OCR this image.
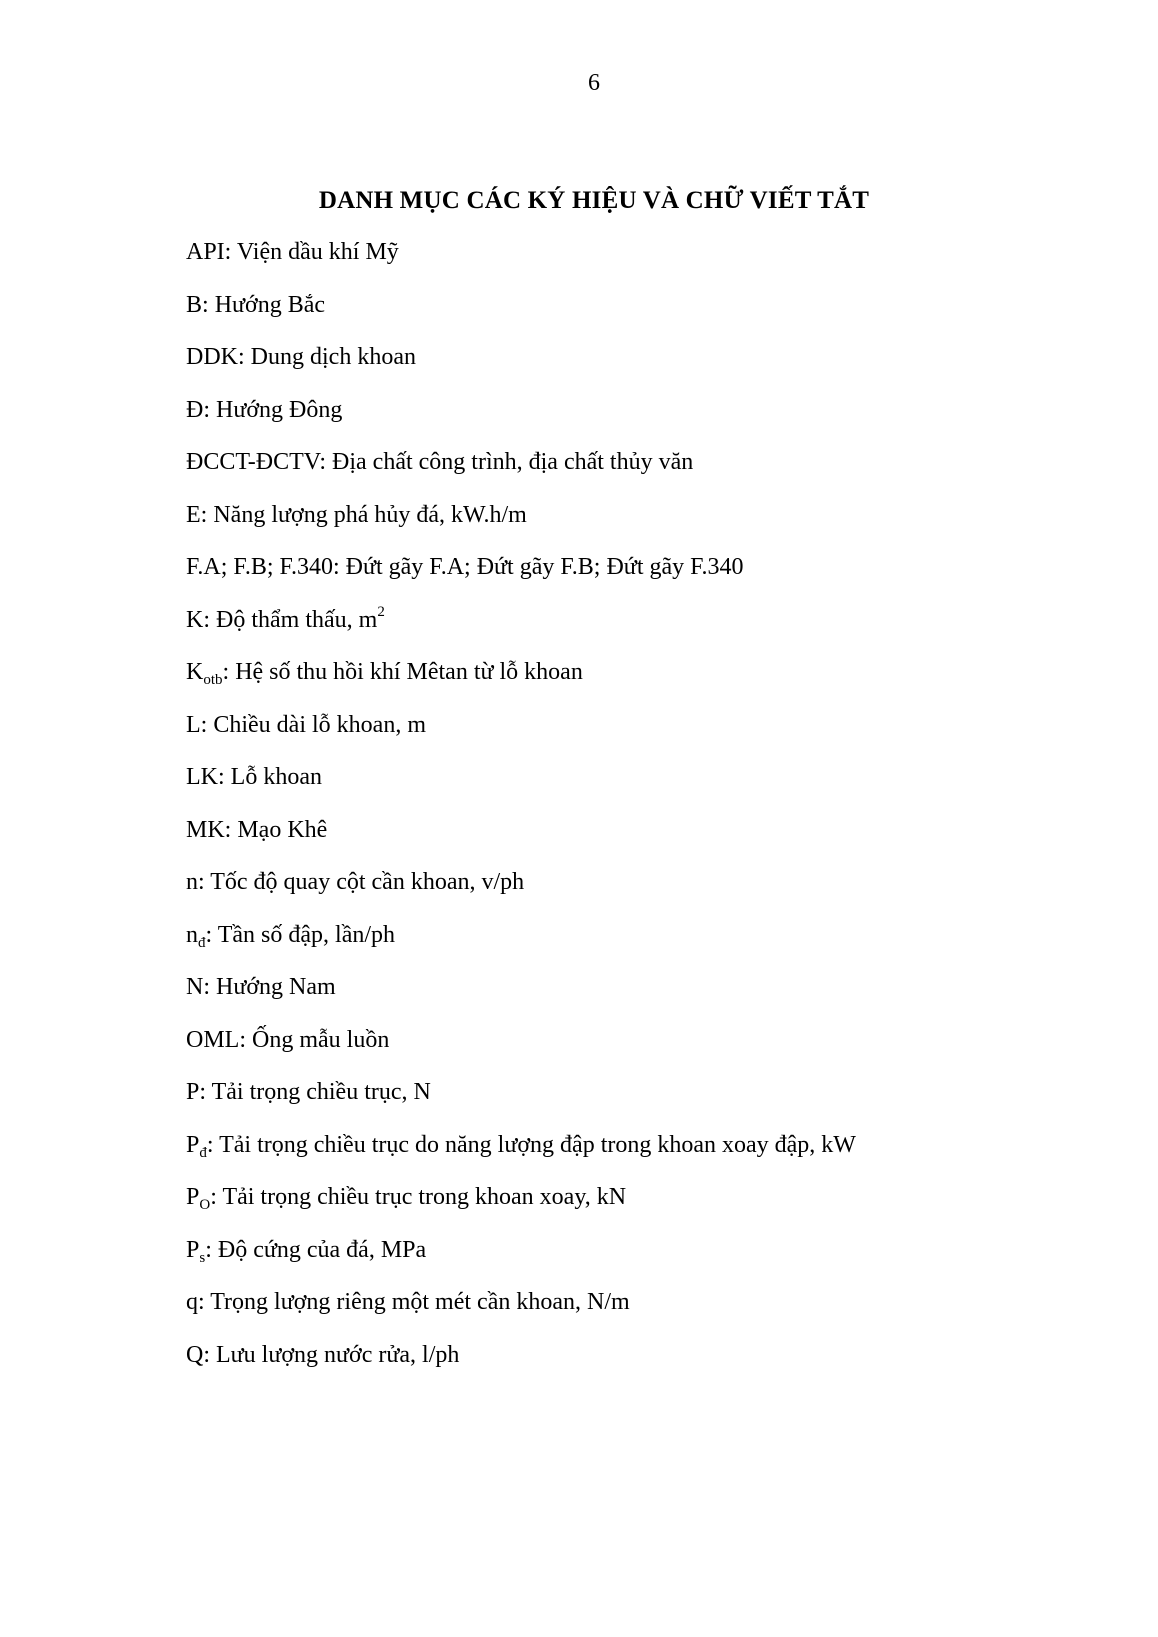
6
DANH MỤC CÁC KÝ HIỆU VÀ CHỮ VIẾT TẮT
API: Viện dầu khí Mỹ
B: Hướng Bắc
DDK: Dung dịch khoan
Đ: Hướng Đông
ĐCCT-ĐCTV: Địa chất công trình, địa chất thủy văn
E: Năng lượng phá hủy đá, kW.h/m
F.A; F.B; F.340: Đứt gãy F.A; Đứt gãy F.B; Đứt gãy F.340
K: Độ thẩm thấu, $m^2$
$K_{otb}$: Hệ số thu hồi khí Mêtan từ lỗ khoan
L: Chiều dài lỗ khoan, m
LK: Lỗ khoan
MK: Mạo Khê
n: Tốc độ quay cột cần khoan, v/ph
$n_đ$: Tần số đập, lần/ph
N: Hướng Nam
OML: Ống mẫu luồn
P: Tải trọng chiều trục, N
$P_đ$: Tải trọng chiều trục do năng lượng đập trong khoan xoay đập, kW
$P_O$: Tải trọng chiều trục trong khoan xoay, kN
$P_s$: Độ cứng của đá, MPa
q: Trọng lượng riêng một mét cần khoan, N/m
Q: Lưu lượng nước rửa, l/ph
